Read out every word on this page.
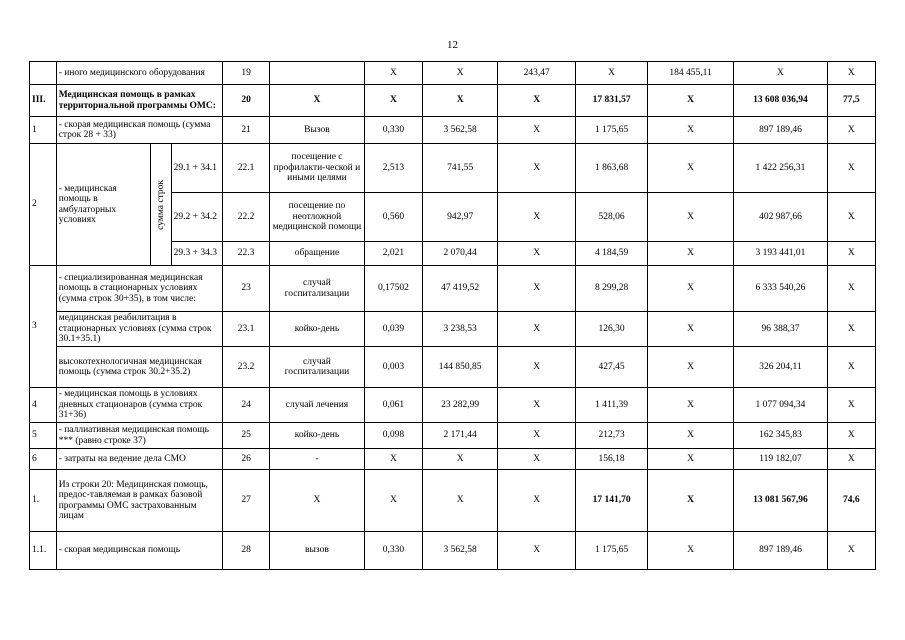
12
	- иного медицинского оборудования			19		Х	Х	243,47	Х	184 455,11	Х	Х
III.	Медицинская помощь в рамках территориальной программы ОМС:			20	Х	Х	Х	Х	17 831,57	Х	13 608 036,94	77,5
1	- скорая медицинская помощь (сумма строк 28 + 33)			21	Вызов	0,330	3 562,58	Х	1 175,65	Х	897 189,46	Х
2	- медицинская помощь в амбулаторных условиях	сумма строк	29.1 + 34.1	22.1	посещение с профилакти-ческой и иными целями	2,513	741,55	Х	1 863,68	Х	1 422 256,31	Х
			29.2 + 34.2	22.2	посещение по неотложной медицинской помощи	0,560	942,97	Х	528,06	Х	402 987,66	Х
			29.3 + 34.3	22.3	обращение	2,021	2 070,44	Х	4 184,59	Х	3 193 441,01	Х
3	- специализированная медицинская помощь в стационарных условиях (сумма строк 30+35), в том числе:			23	случай госпитализации	0,17502	47 419,52	Х	8 299,28	Х	6 333 540,26	Х
	медицинская реабилитация в стационарных условиях (сумма строк 30.1+35.1)			23.1	койко-день	0,039	3 238,53	Х	126,30	Х	96 388,37	Х
	высокотехнологичная медицинская помощь (сумма строк 30.2+35.2)			23.2	случай госпитализации	0,003	144 850,85	Х	427,45	Х	326 204,11	Х
4	- медицинская помощь в условиях дневных стационаров (сумма строк 31+36)			24	случай лечения	0,061	23 282,99	Х	1 411,39	Х	1 077 094,34	Х
5	- паллиативная медицинская помощь *** (равно строке 37)			25	койко-день	0,098	2 171,44	Х	212,73	Х	162 345,83	Х
6	- затраты на ведение дела СМО			26	-	Х	Х	Х	156,18	Х	119 182,07	Х
1.	Из строки 20: Медицинская помощь, предос-тавляемая в рамках базовой программы ОМС застрахованным лицам			27	Х	Х	Х	Х	17 141,70	Х	13 081 567,96	74,6
1.1.	- скорая медицинская помощь			28	вызов	0,330	3 562,58	Х	1 175,65	Х	897 189,46	Х
